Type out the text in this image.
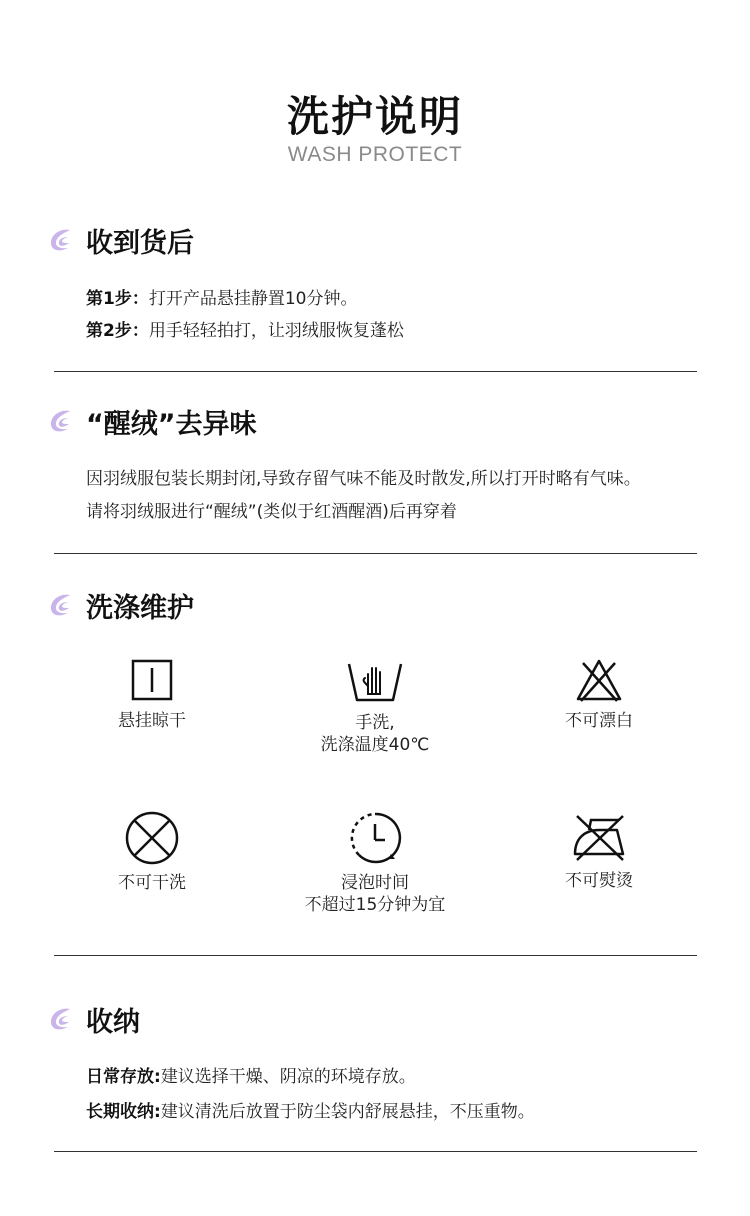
洗护说明
WASH PROTECT
收到货后
第1步：打开产品悬挂静置10分钟。
第2步：用手轻轻拍打，让羽绒服恢复蓬松
“醒绒”去异味
因羽绒服包装长期封闭,导致存留气味不能及时散发,所以打开时略有气味。
请将羽绒服进行“醒绒”(类似于红酒醒酒)后再穿着
洗涤维护
悬挂晾干	手洗,
洗涤温度40℃
不可漂白
不可干洗	浸泡时间
不超过15分钟为宜
不可熨烫
收纳
日常存放:建议选择干燥、阴凉的环境存放。
长期收纳:建议清洗后放置于防尘袋内舒展悬挂，不压重物。
